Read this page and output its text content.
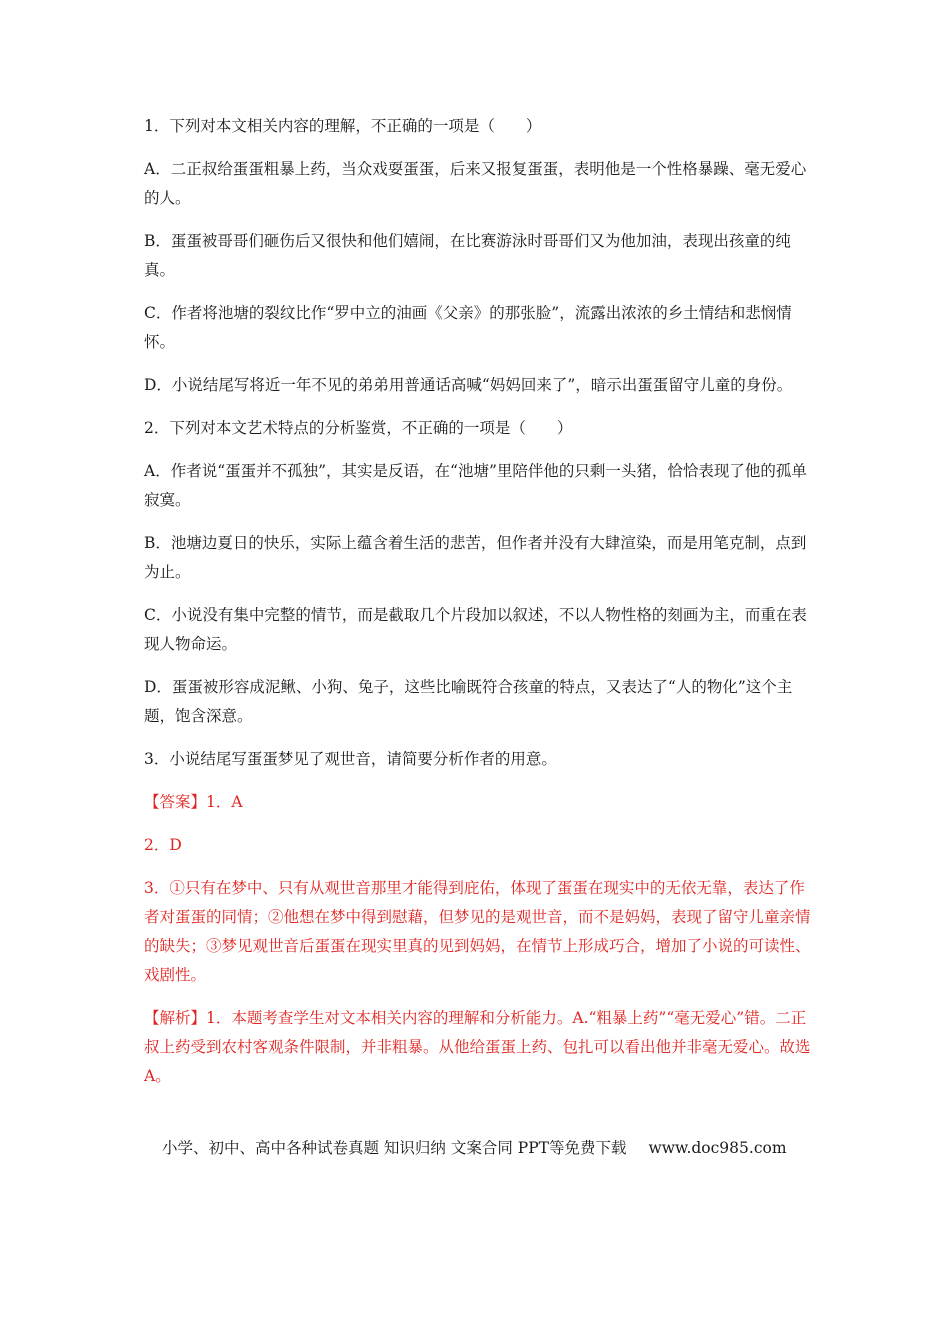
1．下列对本文相关内容的理解，不正确的一项是（　　）

A．二正叔给蛋蛋粗暴上药，当众戏耍蛋蛋，后来又报复蛋蛋，表明他是一个性格暴躁、毫无爱心的人。

B．蛋蛋被哥哥们砸伤后又很快和他们嬉闹，在比赛游泳时哥哥们又为他加油，表现出孩童的纯真。

C．作者将池塘的裂纹比作“罗中立的油画《父亲》的那张脸”，流露出浓浓的乡土情结和悲悯情怀。

D．小说结尾写将近一年不见的弟弟用普通话高喊“妈妈回来了”，暗示出蛋蛋留守儿童的身份。

2．下列对本文艺术特点的分析鉴赏，不正确的一项是（　　）

A．作者说“蛋蛋并不孤独”，其实是反语，在“池塘”里陪伴他的只剩一头猪，恰恰表现了他的孤单寂寞。

B．池塘边夏日的快乐，实际上蕴含着生活的悲苦，但作者并没有大肆渲染，而是用笔克制，点到为止。

C．小说没有集中完整的情节，而是截取几个片段加以叙述，不以人物性格的刻画为主，而重在表现人物命运。

D．蛋蛋被形容成泥鳅、小狗、兔子，这些比喻既符合孩童的特点，又表达了“人的物化”这个主题，饱含深意。

3．小说结尾写蛋蛋梦见了观世音，请简要分析作者的用意。

【答案】1．A

2．D

3．①只有在梦中、只有从观世音那里才能得到庇佑，体现了蛋蛋在现实中的无依无靠，表达了作者对蛋蛋的同情；②他想在梦中得到慰藉，但梦见的是观世音，而不是妈妈，表现了留守儿童亲情的缺失；③梦见观世音后蛋蛋在现实里真的见到妈妈，在情节上形成巧合，增加了小说的可读性、戏剧性。

【解析】1．本题考查学生对文本相关内容的理解和分析能力。A.“粗暴上药”“毫无爱心”错。二正叔上药受到农村客观条件限制，并非粗暴。从他给蛋蛋上药、包扎可以看出他并非毫无爱心。故选A。

小学、初中、高中各种试卷真题 知识归纳 文案合同 PPT等免费下载 www.doc985.com
